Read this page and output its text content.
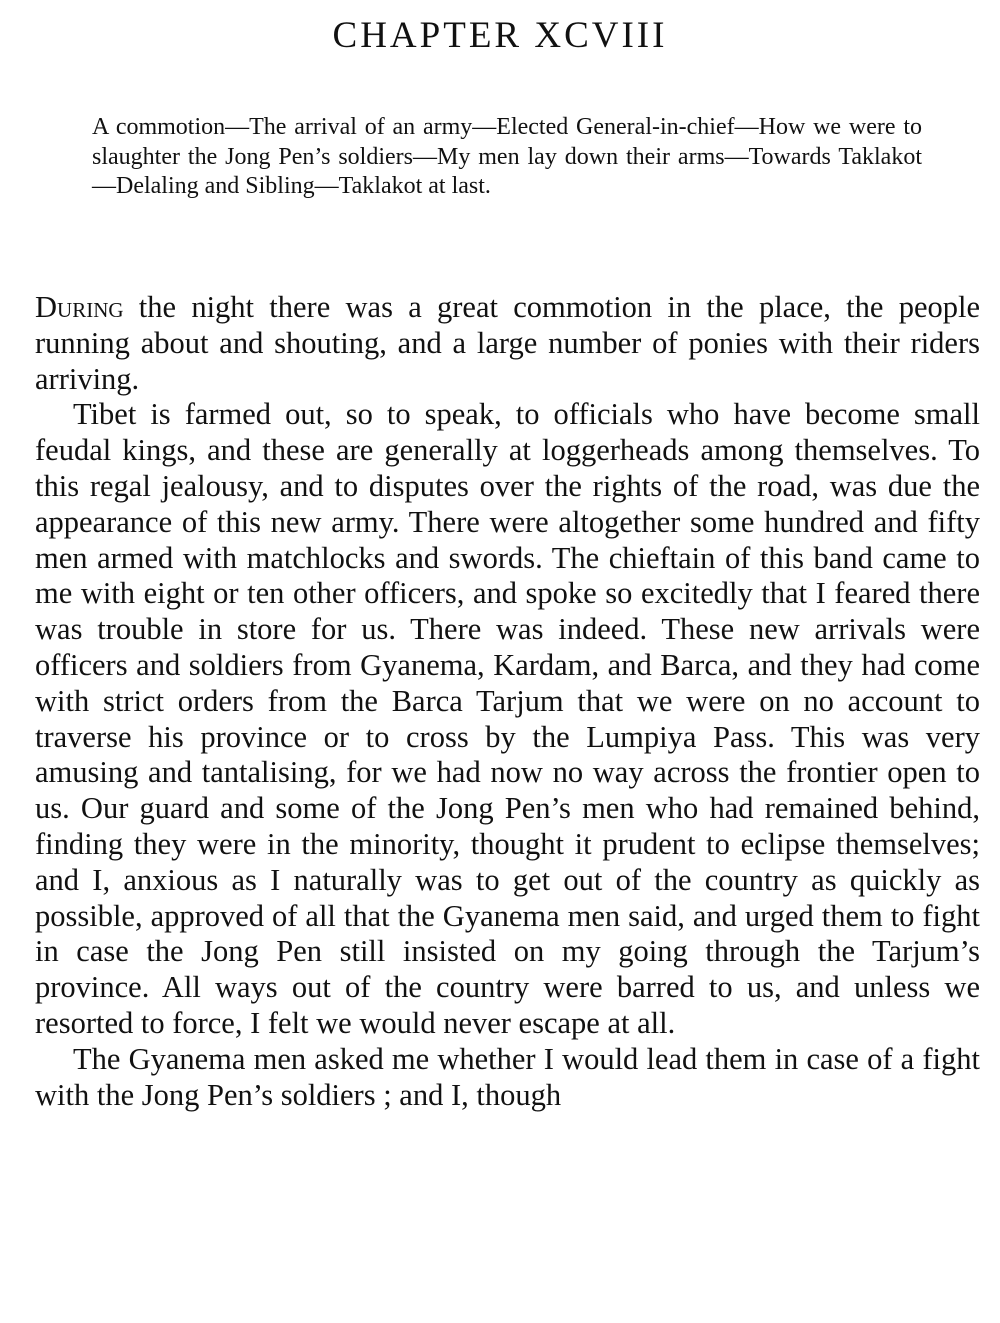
CHAPTER XCVIII

A commotion—The arrival of an army—Elected General-in-chief—How we were to slaughter the Jong Pen’s soldiers—My men lay down their arms—Towards Taklakot—Delaling and Sibling—Taklakot at last.

During the night there was a great commotion in the place, the people running about and shouting, and a large number of ponies with their riders arriving.

Tibet is farmed out, so to speak, to officials who have become small feudal kings, and these are generally at loggerheads among themselves. To this regal jealousy, and to disputes over the rights of the road, was due the appearance of this new army. There were altogether some hundred and fifty men armed with matchlocks and swords. The chieftain of this band came to me with eight or ten other officers, and spoke so excitedly that I feared there was trouble in store for us. There was indeed. These new arrivals were officers and soldiers from Gyanema, Kardam, and Barca, and they had come with strict orders from the Barca Tarjum that we were on no account to traverse his province or to cross by the Lumpiya Pass. This was very amusing and tantalising, for we had now no way across the frontier open to us. Our guard and some of the Jong Pen’s men who had remained behind, finding they were in the minority, thought it prudent to eclipse themselves; and I, anxious as I naturally was to get out of the country as quickly as possible, approved of all that the Gyanema men said, and urged them to fight in case the Jong Pen still insisted on my going through the Tarjum’s province. All ways out of the country were barred to us, and unless we resorted to force, I felt we would never escape at all.

The Gyanema men asked me whether I would lead them in case of a fight with the Jong Pen’s soldiers ; and I, though
